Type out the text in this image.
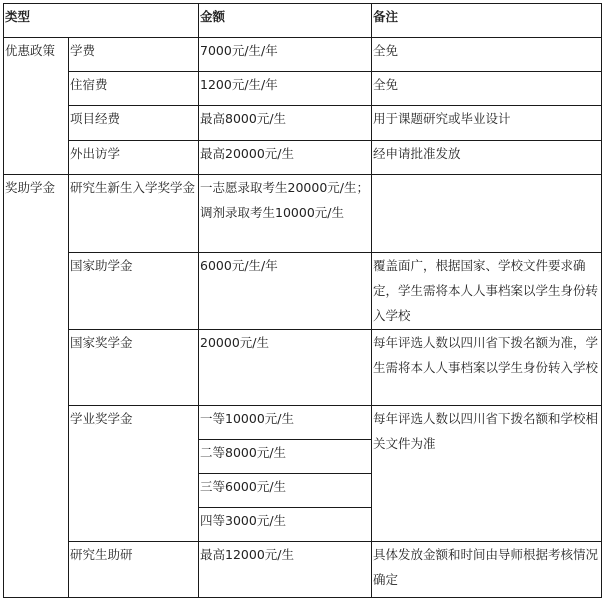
类型		金额	备注
优惠政策	学费	7000元/生/年	全免
	住宿费	1200元/生/年	全免
	项目经费	最高8000元/生	用于课题研究或毕业设计
	外出访学	最高20000元/生	经申请批准发放
奖助学金	研究生新生入学奖学金	一志愿录取考生20000元/生；调剂录取考生10000元/生	
	国家助学金	6000元/生/年	覆盖面广，根据国家、学校文件要求确定，学生需将本人人事档案以学生身份转入学校
	国家奖学金	20000元/生	每年评选人数以四川省下拨名额为准，学生需将本人人事档案以学生身份转入学校
	学业奖学金	一等10000元/生	每年评选人数以四川省下拨名额和学校相关文件为准
		二等8000元/生	
		三等6000元/生	
		四等3000元/生	
	研究生助研	最高12000元/生	具体发放金额和时间由导师根据考核情况确定
